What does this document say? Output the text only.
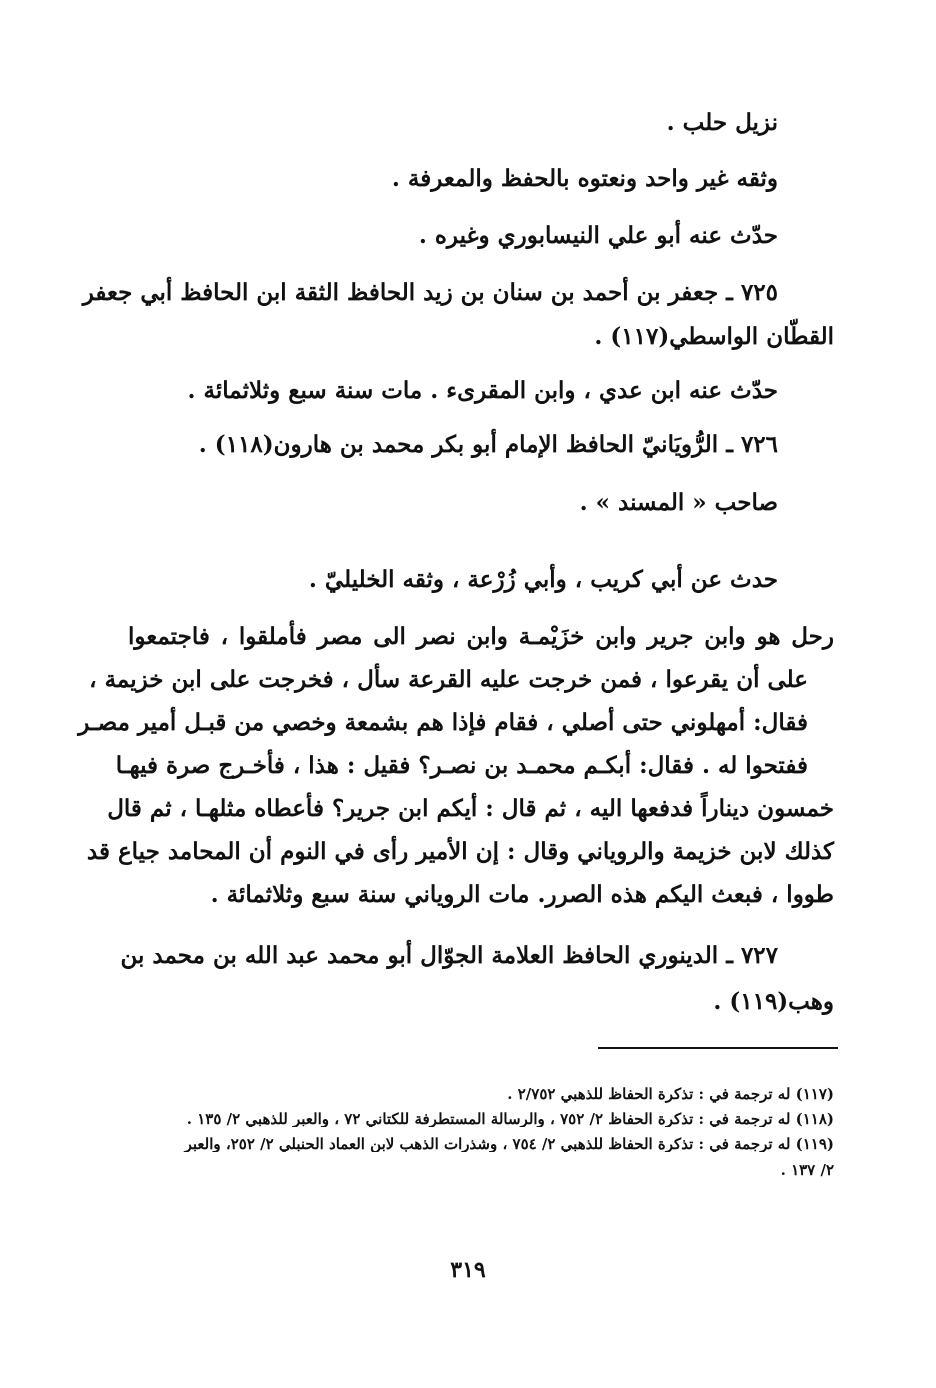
نزيل حلب .
وثقه غير واحد ونعتوه بالحفظ والمعرفة .
حدّث عنه أبو علي النيسابوري وغيره .
٧٢٥ ـ جعفر بن أحمد بن سنان بن زيد الحافظ الثقة ابن الحافظ أبي جعفر
القطّان الواسطي(١١٧) .
حدّث عنه ابن عدي ، وابن المقرىء . مات سنة سبع وثلاثمائة .
٧٢٦ ـ الرُّويَانيّ الحافظ الإمام أبو بكر محمد بن هارون(١١٨) .
صاحب « المسند » .
حدث عن أبي كريب ، وأبي زُرْعة ، وثقه الخليليّ .
رحل هو وابن جرير وابن خزَيْمـة وابن نصر الى مصر فأملقوا ، فاجتمعوا
على أن يقرعوا ، فمن خرجت عليه القرعة سأل ، فخرجت على ابن خزيمة ،
فقال: أمهلوني حتى أصلي ، فقام فإذا هم بشمعة وخصي من قبـل أمير مصـر
ففتحوا له . فقال: أبكـم محمـد بن نصـر؟ فقيل : هذا ، فأخـرج صرة فيهـا
خمسون ديناراً فدفعها اليه ، ثم قال : أيكم ابن جرير؟ فأعطاه مثلهـا ، ثم قال
كذلك لابن خزيمة والروياني وقال : إن الأمير رأى في النوم أن المحامد جياع قد
طووا ، فبعث اليكم هذه الصرر. مات الروياني سنة سبع وثلاثمائة .
٧٢٧ ـ الدينوري الحافظ العلامة الجوّال أبو محمد عبد الله بن محمد بن
وهب(١١٩) .
(١١٧) له ترجمة في : تذكرة الحفاظ للذهبي ٢/٧٥٢ .
(١١٨) له ترجمة في : تذكرة الحفاظ ٢/ ٧٥٢ ، والرسالة المستطرفة للكتاني ٧٢ ، والعبر للذهبي ٢/ ١٣٥ .
(١١٩) له ترجمة في : تذكرة الحفاظ للذهبي ٢/ ٧٥٤ ، وشذرات الذهب لابن العماد الحنبلي ٢/ ٢٥٢، والعبر
٢/ ١٣٧ .
٣١٩
